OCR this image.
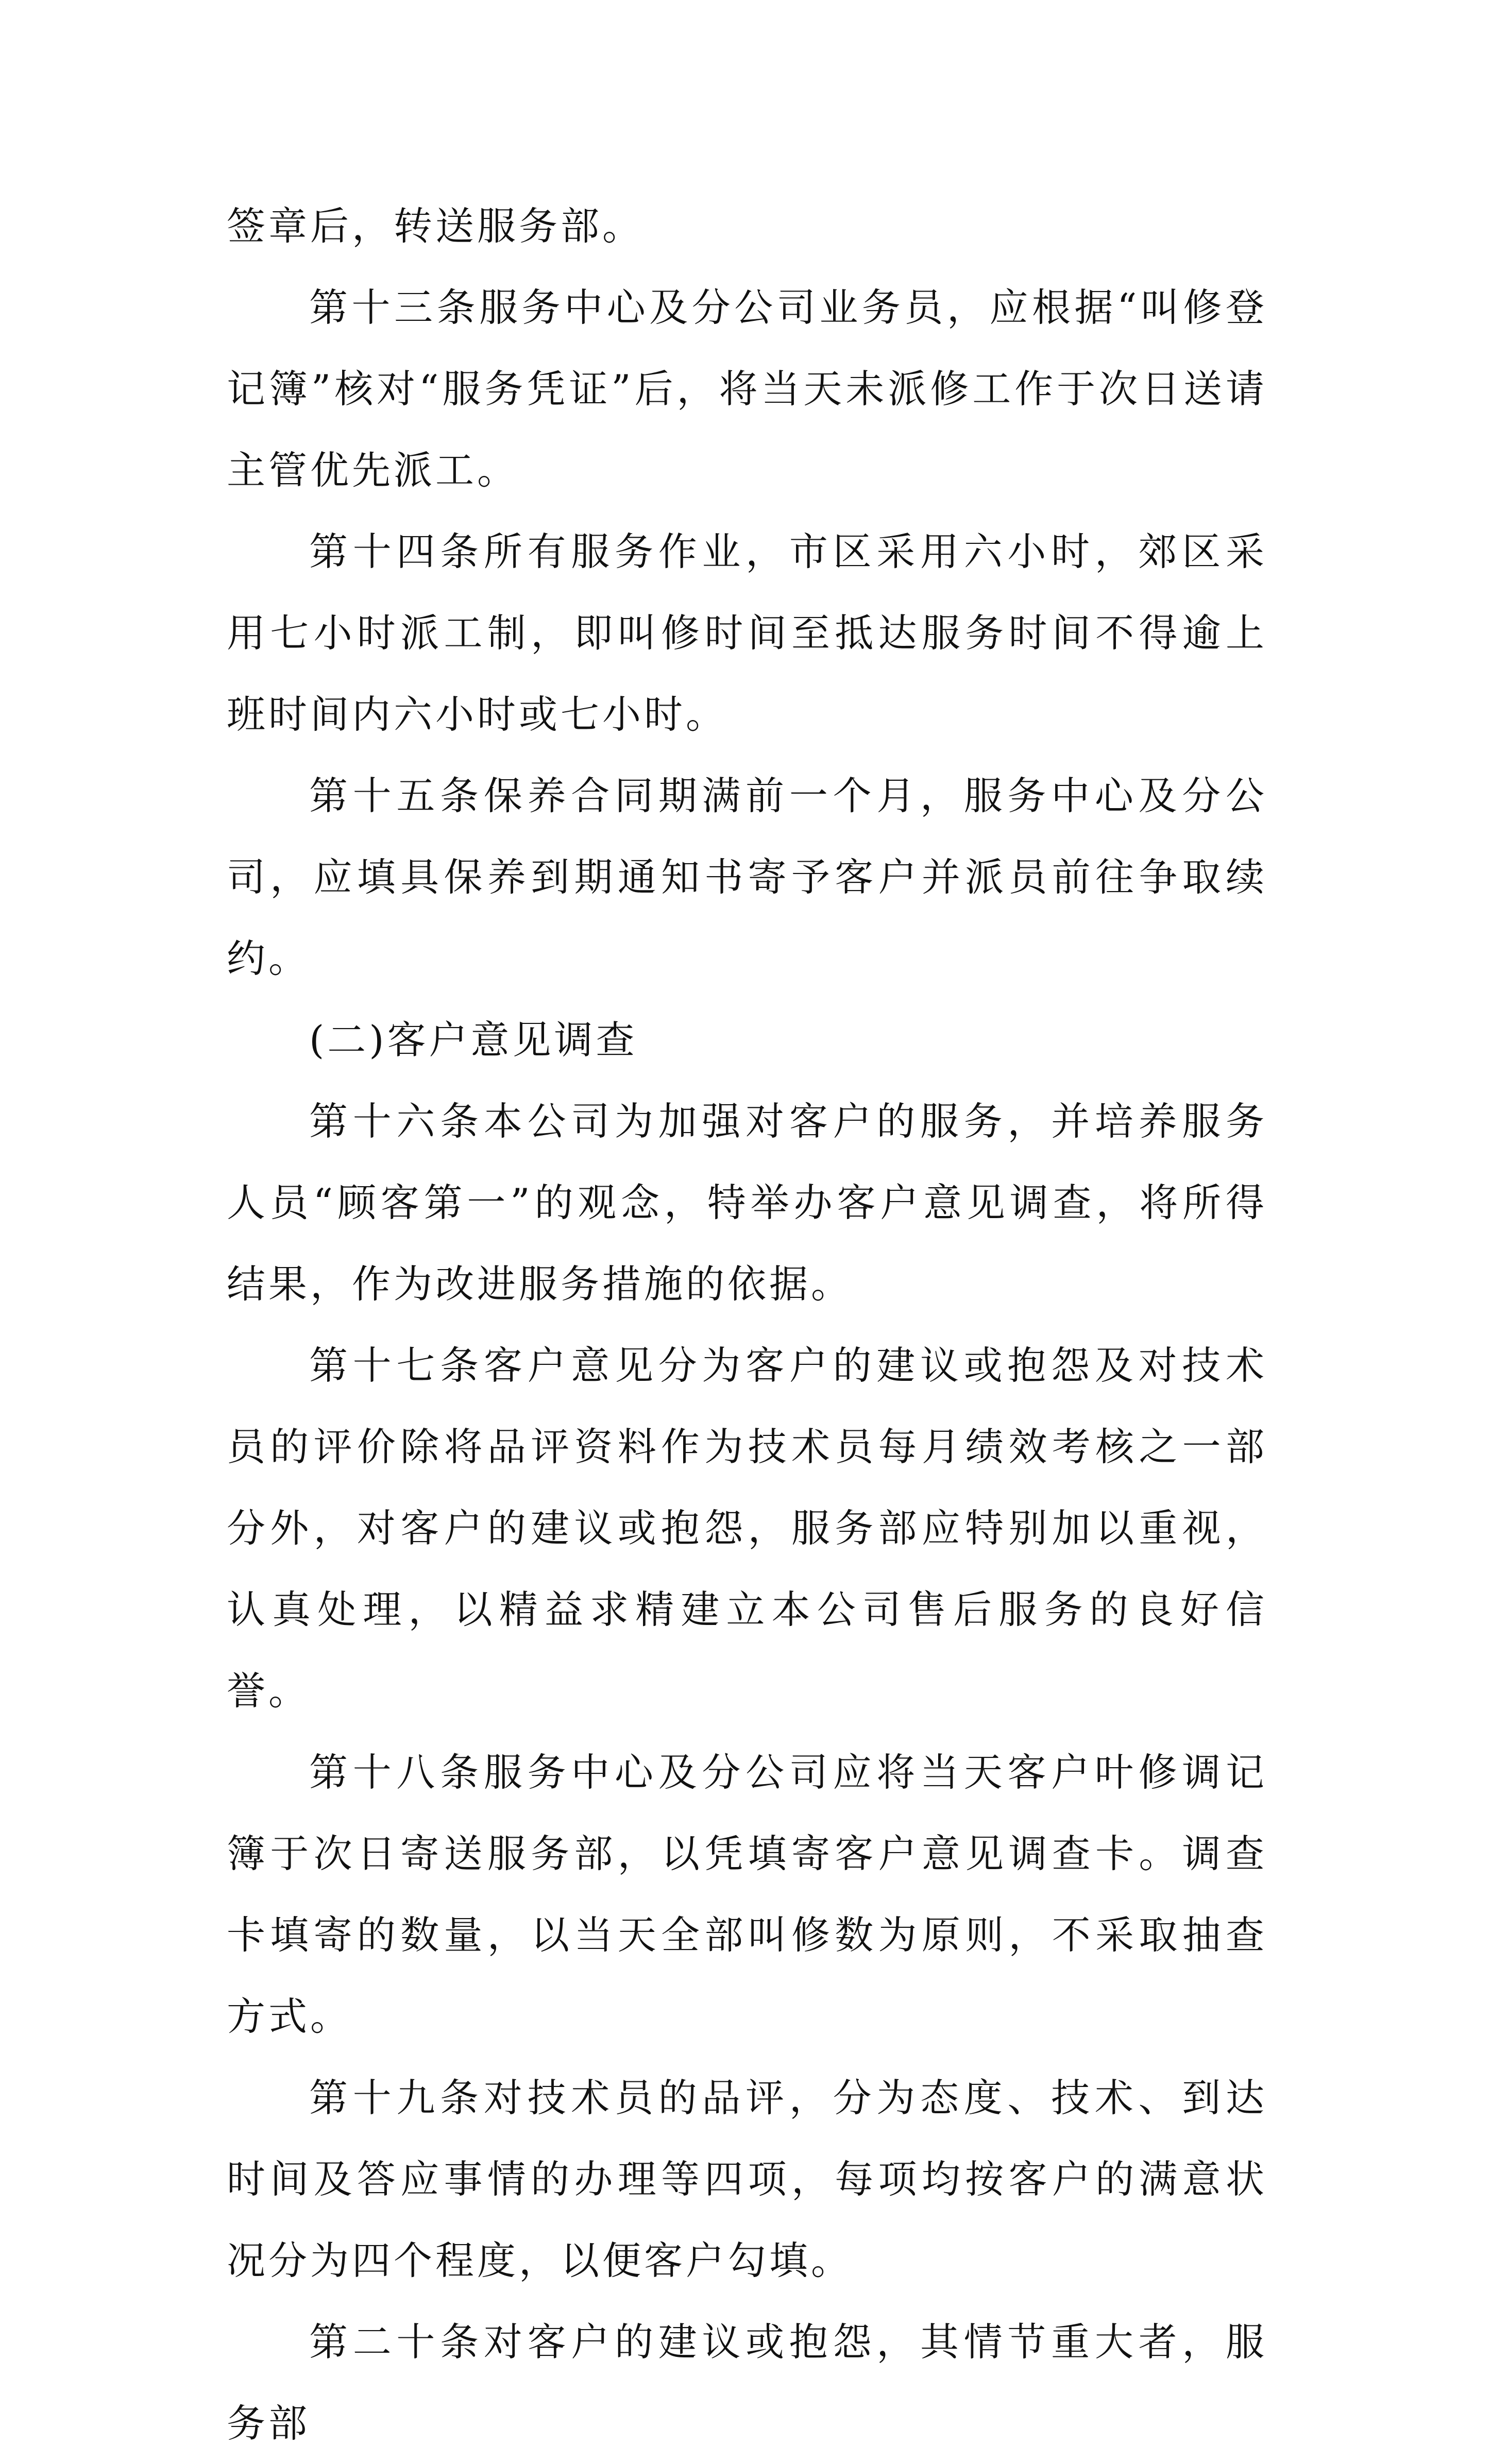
签章后，转送服务部。

第十三条服务中心及分公司业务员，应根据“叫修登记簿”核对“服务凭证”后，将当天未派修工作于次日送请主管优先派工。

第十四条所有服务作业，市区采用六小时，郊区采用七小时派工制，即叫修时间至抵达服务时间不得逾上班时间内六小时或七小时。

第十五条保养合同期满前一个月，服务中心及分公司，应填具保养到期通知书寄予客户并派员前往争取续约。

(二)客户意见调查

第十六条本公司为加强对客户的服务，并培养服务人员“顾客第一”的观念，特举办客户意见调查，将所得结果，作为改进服务措施的依据。

第十七条客户意见分为客户的建议或抱怨及对技术员的评价除将品评资料作为技术员每月绩效考核之一部分外，对客户的建议或抱怨，服务部应特别加以重视，认真处理，以精益求精建立本公司售后服务的良好信誉。

第十八条服务中心及分公司应将当天客户叶修调记簿于次日寄送服务部，以凭填寄客户意见调查卡。调查卡填寄的数量，以当天全部叫修数为原则，不采取抽查方式。

第十九条对技术员的品评，分为态度、技术、到达时间及答应事情的办理等四项，每项均按客户的满意状况分为四个程度，以便客户勾填。

第二十条对客户的建议或抱怨，其情节重大者，服务部
